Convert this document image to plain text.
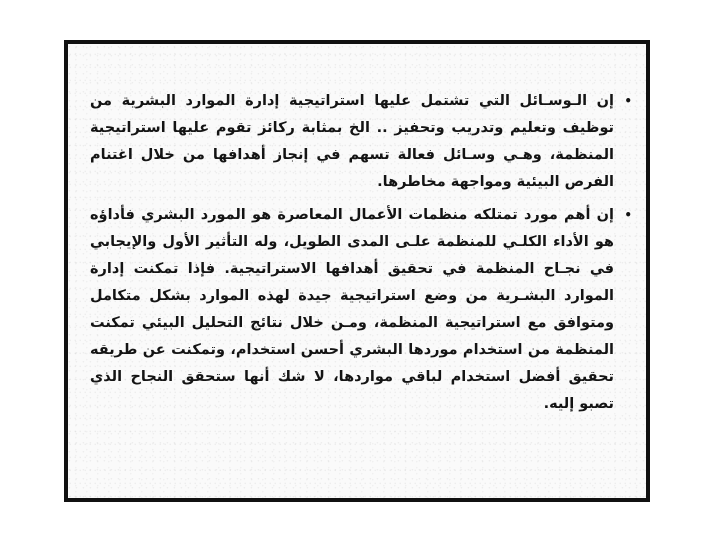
•
إن الـوسـائل التي تشتمل عليها استراتيجية إدارة الموارد البشرية من توظيف وتعليم وتدريب وتحفيز .. الخ بمثابة ركائز تقوم عليها استراتيجية المنظمة، وهـي وسـائل فعالة تسهم في إنجاز أهدافها من خلال اغتنام الفرص البيئية ومواجهة مخاطرها.
•
إن أهم مورد تمتلكه منظمات الأعمال المعاصرة هو المورد البشري فأداؤه هو الأداء الكلـي للمنظمة علـى المدى الطويل، وله التأثير الأول والإيجابي في نجـاح المنظمة في تحقيق أهدافها الاستراتيجية. فإذا تمكنت إدارة الموارد البشـرية من وضع استراتيجية جيدة لهذه الموارد بشكل متكامل ومتوافق مع استراتيجية المنظمة، ومـن خلال نتائج التحليل البيئي تمكنت المنظمة من استخدام موردها البشري أحسن استخدام، وتمكنت عن طريقه تحقيق أفضل استخدام لباقي مواردها، لا شك أنها ستحقق النجاح الذي تصبو إليه.
